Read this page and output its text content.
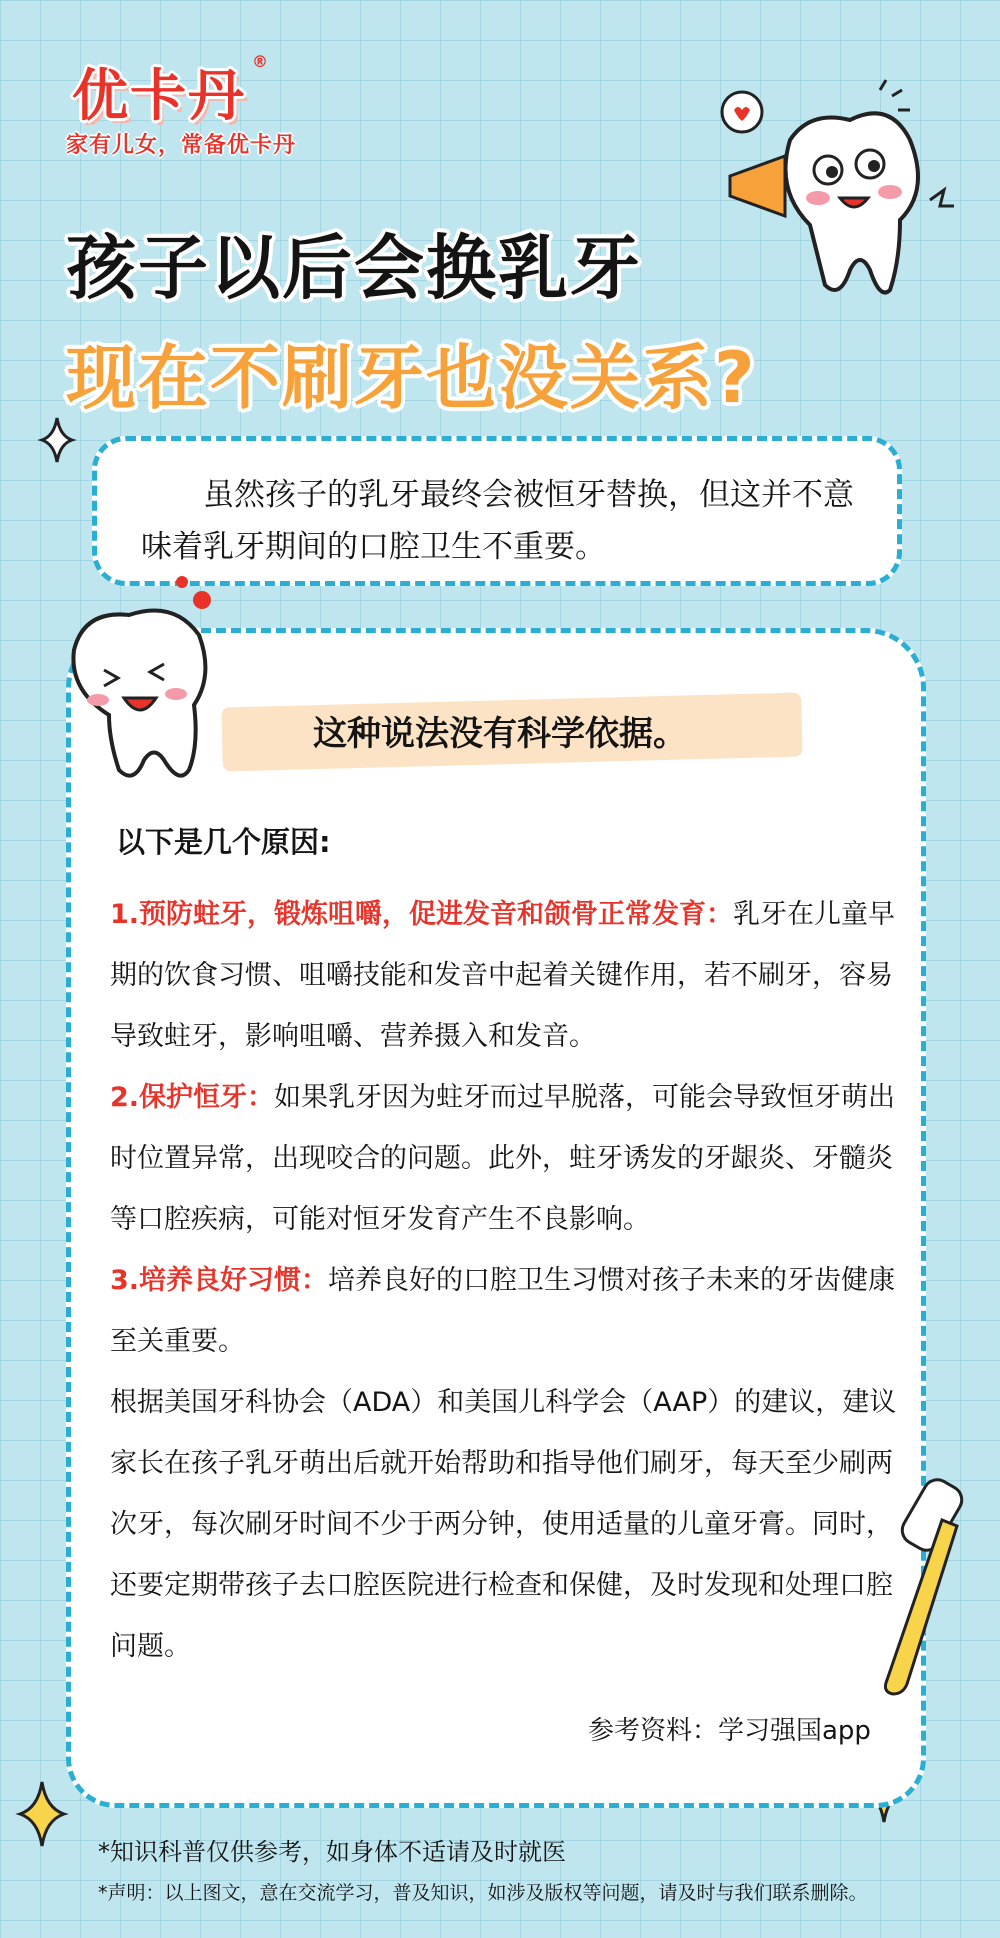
优卡丹
®
家有儿女，常备优卡丹
孩子以后会换乳牙
现在不刷牙也没关系?
虽然孩子的乳牙最终会被恒牙替换，但这并不意味着乳牙期间的口腔卫生不重要。
这种说法没有科学依据。
以下是几个原因:

1.预防蛀牙，锻炼咀嚼，促进发音和颌骨正常发育：乳牙在儿童早期的饮食习惯、咀嚼技能和发音中起着关键作用，若不刷牙，容易导致蛀牙，影响咀嚼、营养摄入和发音。

2.保护恒牙：如果乳牙因为蛀牙而过早脱落，可能会导致恒牙萌出时位置异常，出现咬合的问题。此外，蛀牙诱发的牙龈炎、牙髓炎等口腔疾病，可能对恒牙发育产生不良影响。

3.培养良好习惯：培养良好的口腔卫生习惯对孩子未来的牙齿健康至关重要。

根据美国牙科协会（ADA）和美国儿科学会（AAP）的建议，建议家长在孩子乳牙萌出后就开始帮助和指导他们刷牙，每天至少刷两次牙，每次刷牙时间不少于两分钟，使用适量的儿童牙膏。同时，还要定期带孩子去口腔医院进行检查和保健，及时发现和处理口腔问题。

参考资料：学习强国app
*知识科普仅供参考，如身体不适请及时就医
*声明：以上图文，意在交流学习，普及知识，如涉及版权等问题，请及时与我们联系删除。
